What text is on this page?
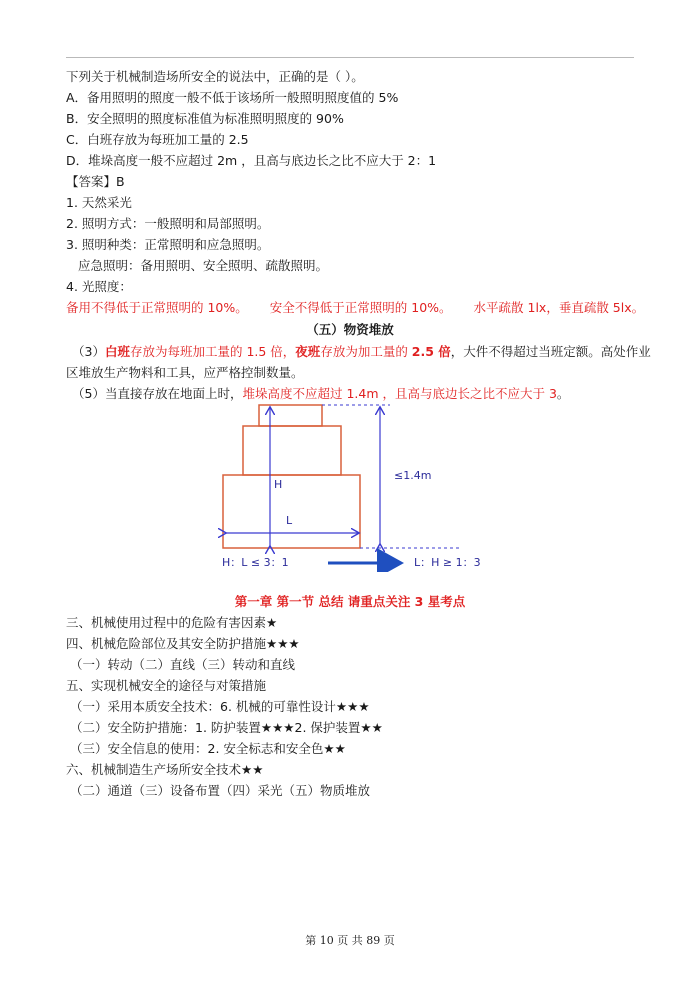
下列关于机械制造场所安全的说法中，正确的是（ ）。
A．备用照明的照度一般不低于该场所一般照明照度值的 5%
B．安全照明的照度标准值为标准照明照度的 90%
C．白班存放为每班加工量的 2.5
D．堆垛高度一般不应超过 2m ，且高与底边长之比不应大于 2：1
【答案】B
1. 天然采光
2. 照明方式：一般照明和局部照明。
3. 照明种类：正常照明和应急照明。
应急照明：备用照明、安全照明、疏散照明。
4. 光照度：
备用不得低于正常照明的 10%。 安全不得低于正常照明的 10%。 水平疏散 1lx，垂直疏散 5lx。
（五）物资堆放
（3）白班存放为每班加工量的 1.5 倍，夜班存放为加工量的 2.5 倍，大件不得超过当班定额。高处作业
区堆放生产物料和工具，应严格控制数量。
（5）当直接存放在地面上时，堆垛高度不应超过 1.4m ，且高与底边长之比不应大于 3。
H
L
≤1.4m
H：L ≤ 3：1	L：H ≥ 1：3
第一章 第一节 总结 请重点关注 3 星考点
三、机械使用过程中的危险有害因素★
四、机械危险部位及其安全防护措施★★★
（一）转动（二）直线（三）转动和直线
五、实现机械安全的途径与对策措施
（一）采用本质安全技术：6. 机械的可靠性设计★★★
（二）安全防护措施：1. 防护装置★★★2. 保护装置★★
（三）安全信息的使用：2. 安全标志和安全色★★
六、机械制造生产场所安全技术★★
（二）通道（三）设备布置（四）采光（五）物质堆放
第 10 页 共 89 页
